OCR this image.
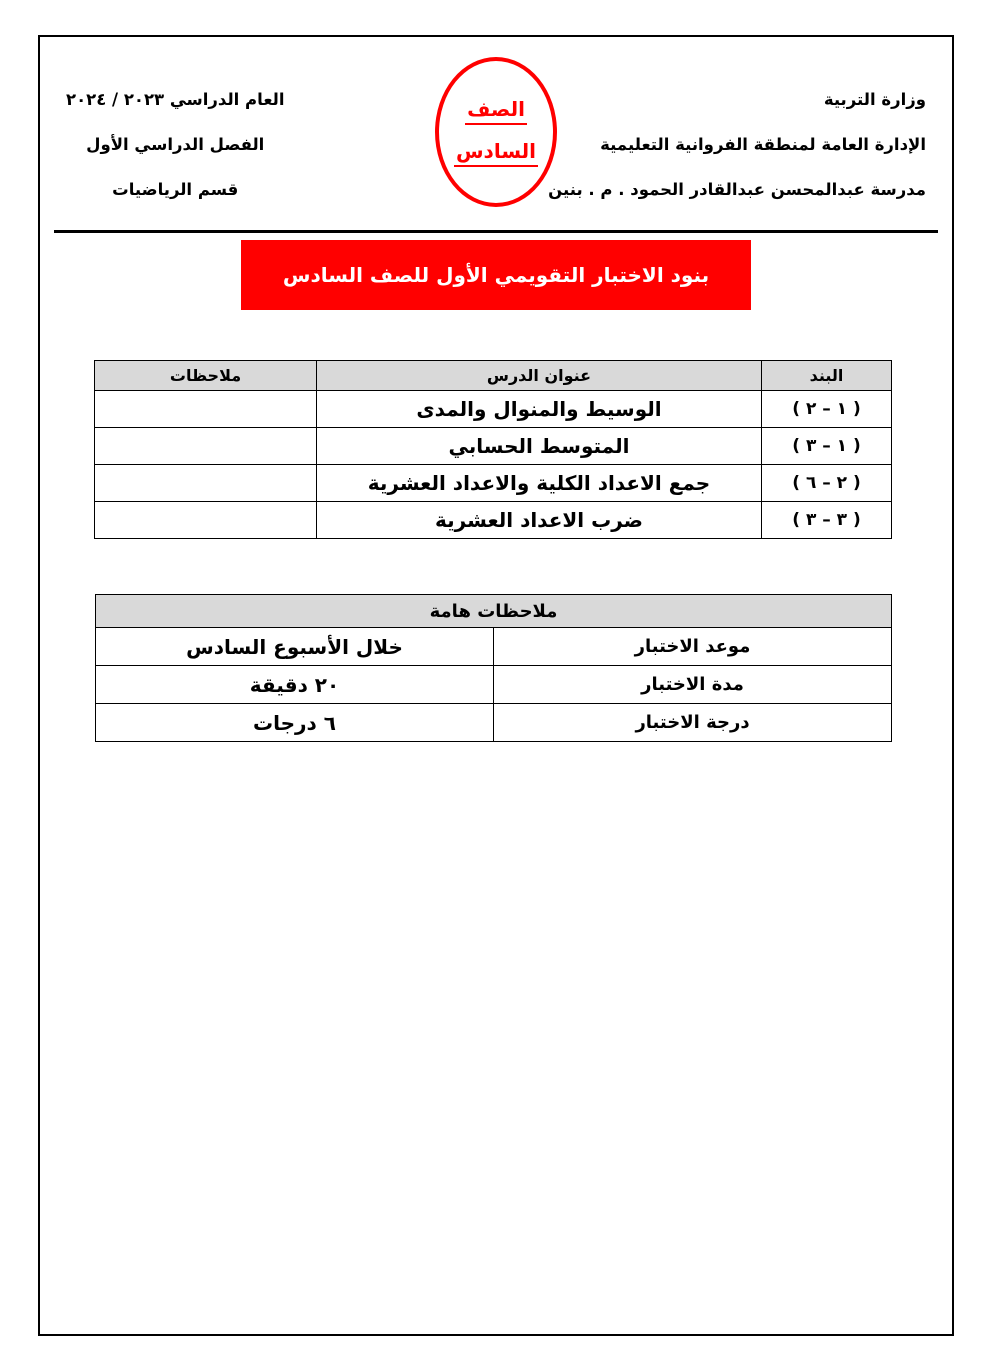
الصف
السادس
وزارة التربية
الإدارة العامة لمنطقة الفروانية التعليمية
مدرسة عبدالمحسن عبدالقادر الحمود . م . بنين
العام الدراسي ٢٠٢٣ / ٢٠٢٤
الفصل الدراسي الأول
قسم الرياضيات
بنود الاختبار التقويمي الأول للصف السادس
البند	عنوان الدرس	ملاحظات
( ١ – ٢ )	الوسيط والمنوال والمدى	
( ١ – ٣ )	المتوسط الحسابي	
( ٢ – ٦ )	جمع الاعداد الكلية والاعداد العشرية	
( ٣ – ٣ )	ضرب الاعداد العشرية	
ملاحظات هامة	
موعد الاختبار	خلال الأسبوع السادس
مدة الاختبار	٢٠ دقيقة
درجة الاختبار	٦ درجات
